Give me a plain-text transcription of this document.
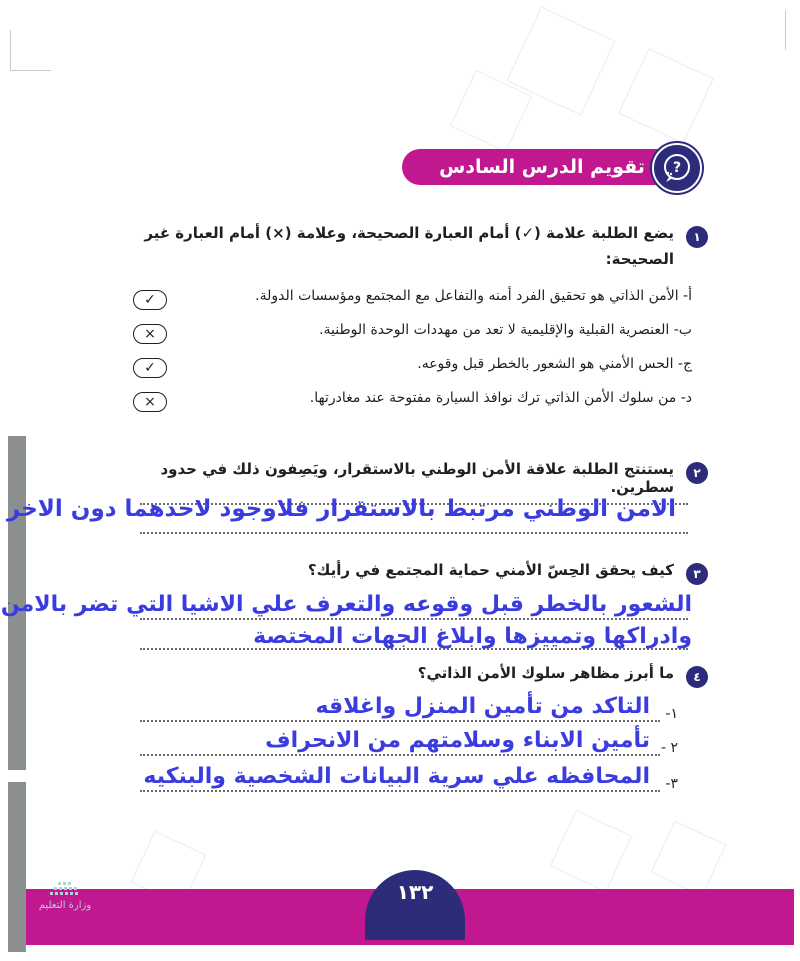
تقويم الدرس السادس عشر
?
١
يضع الطلبة علامة (✓) أمام العبارة الصحيحة، وعلامة (×) أمام العبارة غير
الصحيحة:
أ- الأمن الذاتي هو تحقيق الفرد أمنه والتفاعل مع المجتمع ومؤسسات الدولة.
✓
ب- العنصرية القبلية والإقليمية لا تعد من مهددات الوحدة الوطنية.
×
ج- الحس الأمني هو الشعور بالخطر قبل وقوعه.
✓
د- من سلوك الأمن الذاتي ترك نوافذ السيارة مفتوحة عند مغادرتها.
×
٢
يستنتج الطلبة علاقة الأمن الوطني بالاستقرار، ويَصِفون ذلك في حدود سطرين.
الامن الوطني مرتبط بالاستقرار فلاوجود لاحدهما دون الاخر
٣
كيف يحقق الحِسّ الأمني حماية المجتمع في رأيك؟
الشعور بالخطر قبل وقوعه والتعرف علي الاشيا التي تضر بالامن
وادراكها وتمييزها وابلاغ الجهات المختصة
٤
ما أبرز مظاهر سلوك الأمن الذاتي؟
١-
التاكد من تأمين المنزل واغلاقه
٢ -
تأمين الابناء وسلامتهم من الانحراف
٣-
المحافظه علي سرية البيانات الشخصية والبنكيه
١٣٢
وزارة التعليم
